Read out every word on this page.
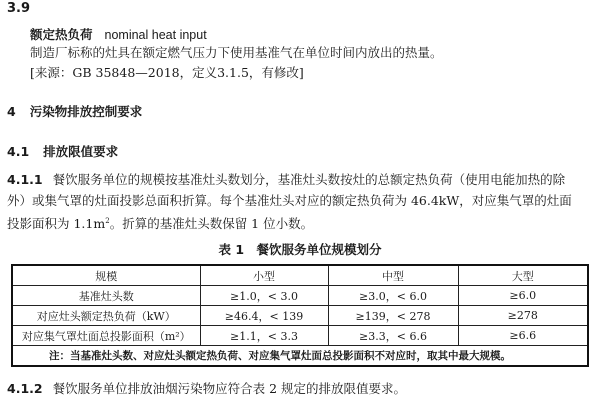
3.9
额定热负荷 nominal heat input
制造厂标称的灶具在额定燃气压力下使用基准气在单位时间内放出的热量。
[来源：GB 35848—2018，定义3.1.5，有修改]
4 污染物排放控制要求
4.1 排放限值要求
4.1.1 餐饮服务单位的规模按基准灶头数划分，基准灶头数按灶的总额定热负荷（使用电能加热的除
外）或集气罩的灶面投影总面积折算。每个基准灶头对应的额定热负荷为 46.4kW，对应集气罩的灶面
投影面积为 $1.1m^2$。折算的基准灶头数保留 1 位小数。
表 1　餐饮服务单位规模划分
规模	小型	中型	大型
基准灶头数	≥1.0，< 3.0	≥3.0，< 6.0	≥6.0
对应灶头额定热负荷（kW）	≥46.4，< 139	≥139，< 278	≥278
对应集气罩灶面总投影面积（m²）	≥1.1，< 3.3	≥3.3，< 6.6	≥6.6
注：当基准灶头数、对应灶头额定热负荷、对应集气罩灶面总投影面积不对应时，取其中最大规模。			
4.1.2 餐饮服务单位排放油烟污染物应符合表 2 规定的排放限值要求。
